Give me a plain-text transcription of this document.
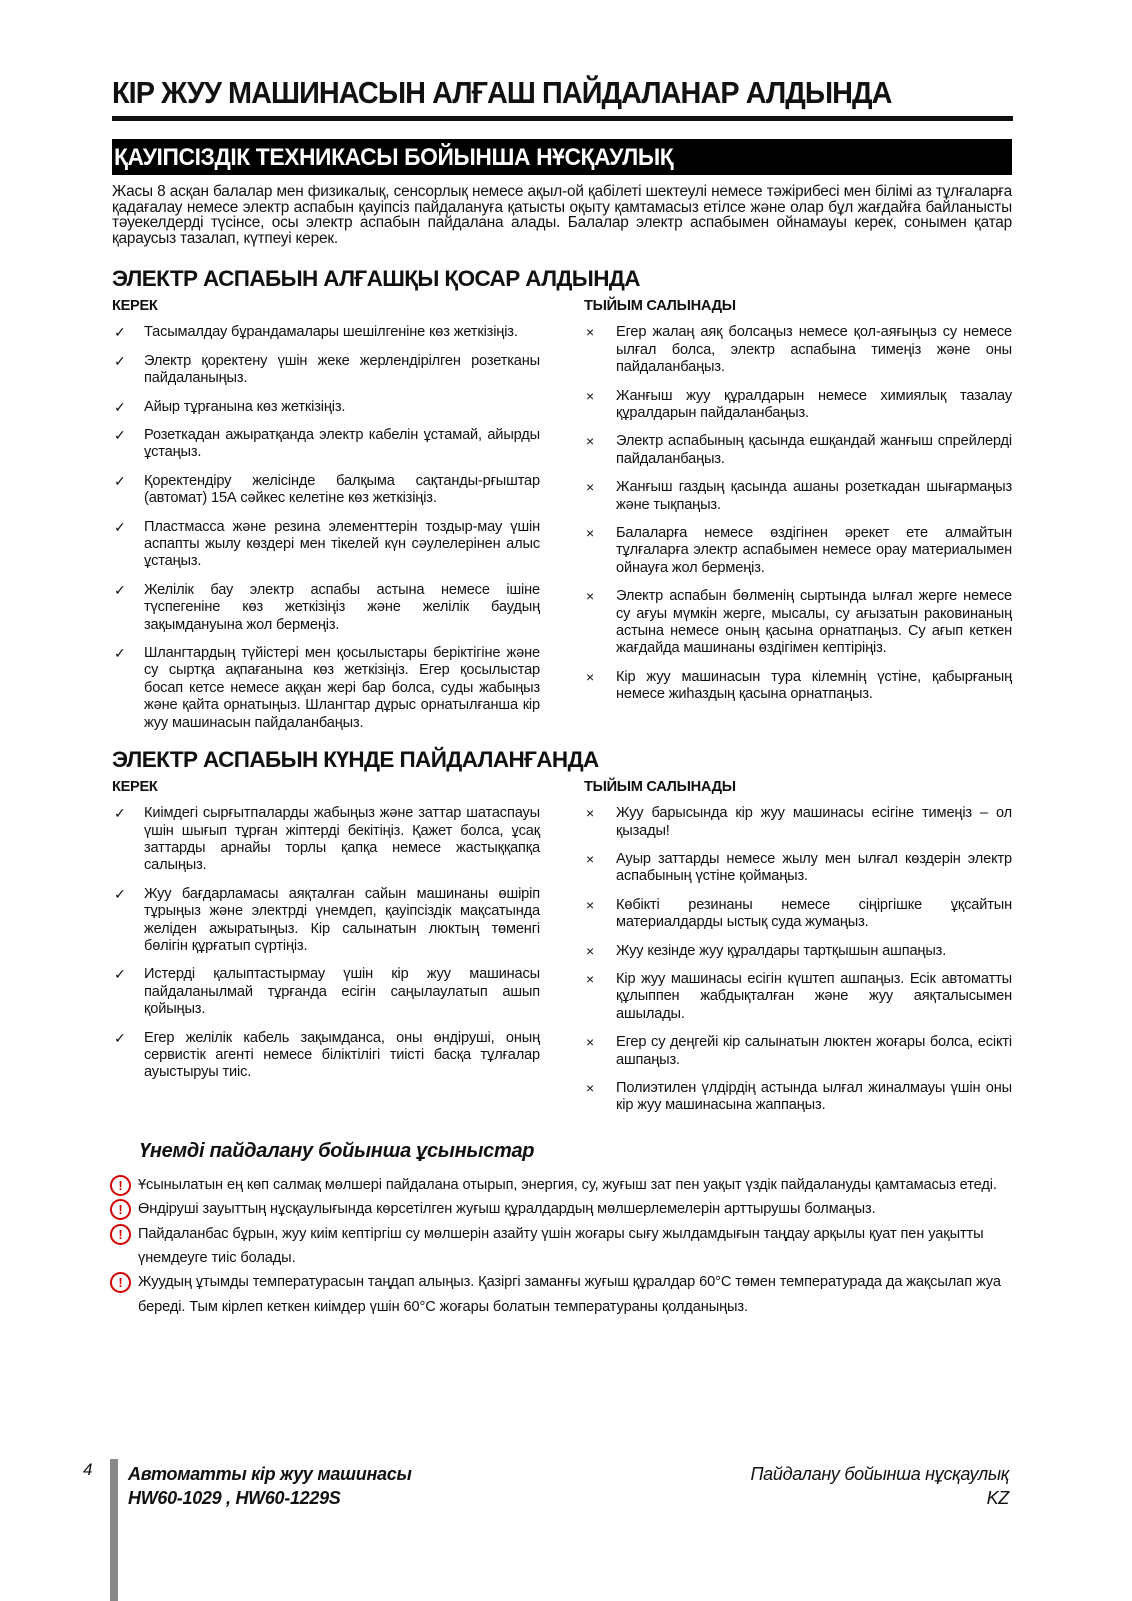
КІР ЖУУ МАШИНАСЫН АЛҒАШ ПАЙДАЛАНАР АЛДЫНДА
ҚАУІПСІЗДІК ТЕХНИКАСЫ БОЙЫНША НҰСҚАУЛЫҚ

Жасы 8 асқан балалар мен физикалық, сенсорлық немесе ақыл-ой қабілеті шектеулі немесе тәжірибесі мен білімі аз тұлғаларға қадағалау немесе электр аспабын қауіпсіз пайдалануға қатысты оқыту қамтамасыз етілсе және олар бұл жағдайға байланысты тәуекелдерді түсінсе, осы электр аспабын пайдалана алады. Балалар электр аспабымен ойнамауы керек, сонымен қатар қараусыз тазалап, күтпеуі керек.

ЭЛЕКТР АСПАБЫН АЛҒАШҚЫ ҚОСАР АЛДЫНДА
КЕРЕК
✓	Тасымалдау бұрандамалары шешілгеніне көз жеткізіңіз.
✓	Электр қоректену үшін жеке жерлендірілген розетканы пайдаланыңыз.
✓	Айыр тұрғанына көз жеткізіңіз.
✓	Розеткадан ажыратқанда электр кабелін ұстамай, айырды ұстаңыз.
✓	Қоректендіру желісінде балқыма сақтанды-рғыштар (автомат) 15А сәйкес келетіне көз жеткізіңіз.
✓	Пластмасса және резина элементтерін тоздыр-мау үшін аспапты жылу көздері мен тікелей күн сәулелерінен алыс ұстаңыз.
✓	Желілік бау электр аспабы астына немесе ішіне түспегеніне көз жеткізіңіз және желілік баудың зақымдануына жол бермеңіз.
✓	Шлангтардың түйістері мен қосылыстары беріктігіне және су сыртқа ақпағанына көз жеткізіңіз. Егер қосылыстар босап кетсе немесе аққан жері бар болса, суды жабыңыз және қайта орнатыңыз. Шлангтар дұрыс орнатылғанша кір жуу машинасын пайдаланбаңыз.
ТЫЙЫМ САЛЫНАДЫ
×	Егер жалаң аяқ болсаңыз немесе қол-аяғыңыз су немесе ылғал болса, электр аспабына тимеңіз және оны пайдаланбаңыз.
×	Жанғыш жуу құралдарын немесе химиялық тазалау құралдарын пайдаланбаңыз.
×	Электр аспабының қасында ешқандай жанғыш спрейлерді пайдаланбаңыз.
×	Жанғыш газдың қасында ашаны розеткадан шығармаңыз және тықпаңыз.
×	Балаларға немесе өздігінен әрекет ете алмайтын тұлғаларға электр аспабымен немесе орау материалымен ойнауға жол бермеңіз.
×	Электр аспабын бөлменің сыртында ылғал жерге немесе су ағуы мүмкін жерге, мысалы, су ағызатын раковинаның астына немесе оның қасына орнатпаңыз. Су ағып кеткен жағдайда машинаны өздігімен кептіріңіз.
×	Кір жуу машинасын тура кілемнің үстіне, қабырғаның немесе жиһаздың қасына орнатпаңыз.
ЭЛЕКТР АСПАБЫН КҮНДЕ ПАЙДАЛАНҒАНДА
КЕРЕК
✓	Киімдегі сырғытпаларды жабыңыз және заттар шатаспауы үшін шығып тұрған жіптерді бекітіңіз. Қажет болса, ұсақ заттарды арнайы торлы қапқа немесе жастыққапқа салыңыз.
✓	Жуу бағдарламасы аяқталған сайын машинаны өшіріп тұрыңыз және электрді үнемдеп, қауіпсіздік мақсатында желіден ажыратыңыз. Кір салынатын люктың төменгі бөлігін құрғатып сүртіңіз.
✓	Истерді қалыптастырмау үшін кір жуу машинасы пайдаланылмай тұрғанда есігін саңылаулатып ашып қойыңыз.
✓	Егер желілік кабель зақымданса, оны өндіруші, оның сервистік агенті немесе біліктілігі тиісті басқа тұлғалар ауыстыруы тиіс.
ТЫЙЫМ САЛЫНАДЫ
×	Жуу барысында кір жуу машинасы есігіне тимеңіз – ол қызады!
×	Ауыр заттарды немесе жылу мен ылғал көздерін электр аспабының үстіне қоймаңыз.
×	Көбікті резинаны немесе сіңіргішке ұқсайтын материалдарды ыстық суда жумаңыз.
×	Жуу кезінде жуу құралдары тартқышын ашпаңыз.
×	Кір жуу машинасы есігін күштеп ашпаңыз. Есік автоматты құлыппен жабдықталған және жуу аяқталысымен ашылады.
×	Егер су деңгейі кір салынатын люктен жоғары болса, есікті ашпаңыз.
×	Полиэтилен үлдірдің астында ылғал жиналмауы үшін оны кір жуу машинасына жаппаңыз.
Үнемді пайдалану бойынша ұсыныстар
!	Ұсынылатын ең көп салмақ мөлшері пайдалана отырып, энергия, су, жуғыш зат пен уақыт үздік пайдалануды қамтамасыз етеді.
!	Өндіруші зауыттың нұсқаулығында көрсетілген жуғыш құралдардың мөлшерлемелерін арттырушы болмаңыз.
!	Пайдаланбас бұрын, жуу киім кептіргіш су мөлшерін азайту үшін жоғары сығу жылдамдығын таңдау арқылы қуат пен уақытты үнемдеуге тиіс болады.
!	Жуудың ұтымды температурасын таңдап алыңыз. Қазіргі заманғы жуғыш құралдар 60°С төмен температурада да жақсылап жуа береді. Тым кірлеп кеткен киімдер үшін 60°С жоғары болатын температураны қолданыңыз.
4 Автоматты кір жуу машинасы
HW60-1029 , HW60-1229S
Пайдалану бойынша нұсқаулық
KZ
